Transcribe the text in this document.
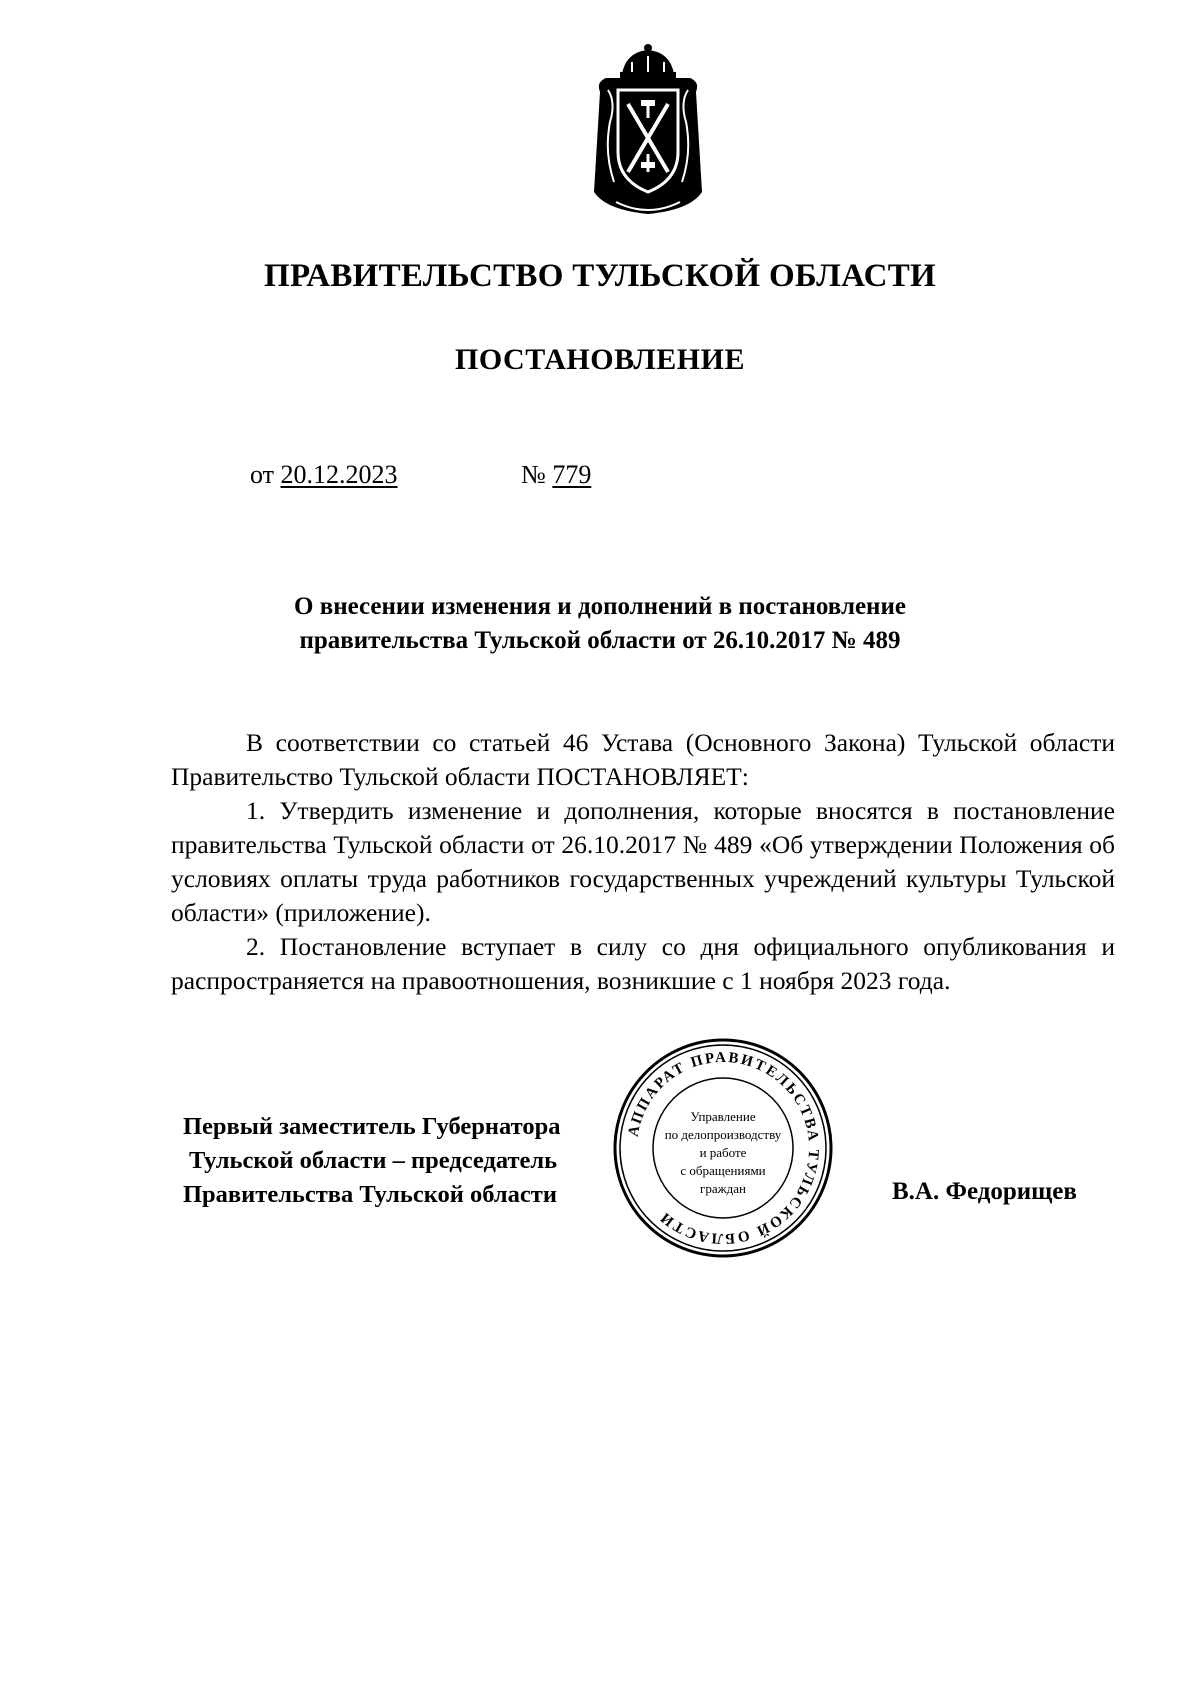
ПРАВИТЕЛЬСТВО ТУЛЬСКОЙ ОБЛАСТИ
ПОСТАНОВЛЕНИЕ
от 20.12.2023	№ 779
О внесении изменения и дополнений в постановление
правительства Тульской области от 26.10.2017 № 489

В соответствии со статьей 46 Устава (Основного Закона) Тульской области Правительство Тульской области ПОСТАНОВЛЯЕТ:

1. Утвердить изменение и дополнения, которые вносятся в постановление правительства Тульской области от 26.10.2017 № 489 «Об утверждении Положения об условиях оплаты труда работников государственных учреждений культуры Тульской области» (приложение).

2. Постановление вступает в силу со дня официального опубликования и распространяется на правоотношения, возникшие с 1 ноября 2023 года.

Первый заместитель Губернатора
Тульской области – председатель
Правительства Тульской области	В.А. Федорищев
АППАРАТ ПРАВИТЕЛЬСТВА ТУЛЬСКОЙ ОБЛАСТИ
Управление
по делопроизводству
и работе
с обращениями
граждан
